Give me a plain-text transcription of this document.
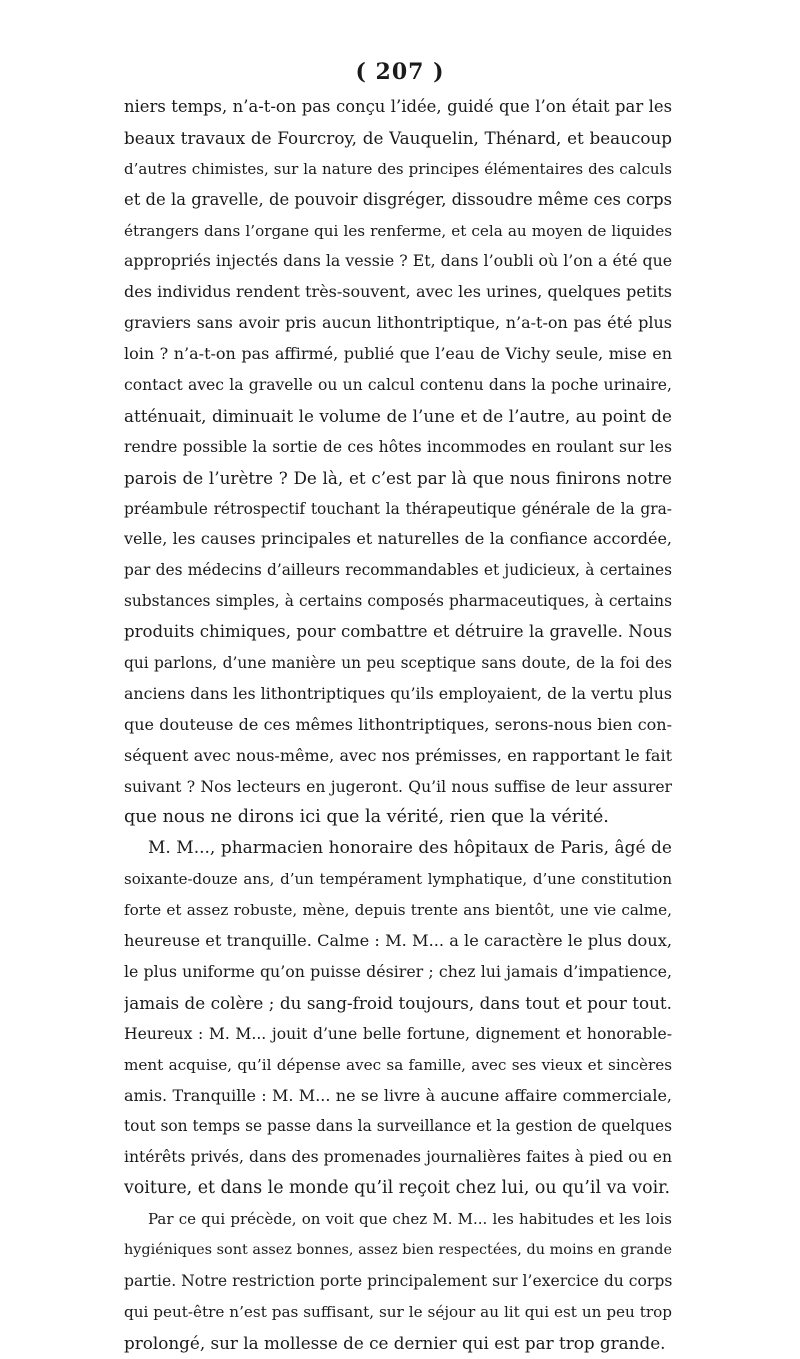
( 207 )
niers temps, n’a-t-on pas conçu l’idée, guidé que l’on était par les
beaux travaux de Fourcroy, de Vauquelin, Thénard, et beaucoup
d’autres chimistes, sur la nature des principes élémentaires des calculs
et de la gravelle, de pouvoir disgréger, dissoudre même ces corps
étrangers dans l’organe qui les renferme, et cela au moyen de liquides
appropriés injectés dans la vessie ? Et, dans l’oubli où l’on a été que
des individus rendent très-souvent, avec les urines, quelques petits
graviers sans avoir pris aucun lithontriptique, n’a-t-on pas été plus
loin ? n’a-t-on pas affirmé, publié que l’eau de Vichy seule, mise en
contact avec la gravelle ou un calcul contenu dans la poche urinaire,
atténuait, diminuait le volume de l’une et de l’autre, au point de
rendre possible la sortie de ces hôtes incommodes en roulant sur les
parois de l’urètre ? De là, et c’est par là que nous finirons notre
préambule rétrospectif touchant la thérapeutique générale de la gra-
velle, les causes principales et naturelles de la confiance accordée,
par des médecins d’ailleurs recommandables et judicieux, à certaines
substances simples, à certains composés pharmaceutiques, à certains
produits chimiques, pour combattre et détruire la gravelle. Nous
qui parlons, d’une manière un peu sceptique sans doute, de la foi des
anciens dans les lithontriptiques qu’ils employaient, de la vertu plus
que douteuse de ces mêmes lithontriptiques, serons-nous bien con-
séquent avec nous-même, avec nos prémisses, en rapportant le fait
suivant ? Nos lecteurs en jugeront. Qu’il nous suffise de leur assurer
que nous ne dirons ici que la vérité, rien que la vérité.
M. M..., pharmacien honoraire des hôpitaux de Paris, âgé de
soixante-douze ans, d’un tempérament lymphatique, d’une constitution
forte et assez robuste, mène, depuis trente ans bientôt, une vie calme,
heureuse et tranquille. Calme : M. M... a le caractère le plus doux,
le plus uniforme qu’on puisse désirer ; chez lui jamais d’impatience,
jamais de colère ; du sang-froid toujours, dans tout et pour tout.
Heureux : M. M... jouit d’une belle fortune, dignement et honorable-
ment acquise, qu’il dépense avec sa famille, avec ses vieux et sincères
amis. Tranquille : M. M... ne se livre à aucune affaire commerciale,
tout son temps se passe dans la surveillance et la gestion de quelques
intérêts privés, dans des promenades journalières faites à pied ou en
voiture, et dans le monde qu’il reçoit chez lui, ou qu’il va voir.
Par ce qui précède, on voit que chez M. M... les habitudes et les lois
hygiéniques sont assez bonnes, assez bien respectées, du moins en grande
partie. Notre restriction porte principalement sur l’exercice du corps
qui peut-être n’est pas suffisant, sur le séjour au lit qui est un peu trop
prolongé, sur la mollesse de ce dernier qui est par trop grande.
